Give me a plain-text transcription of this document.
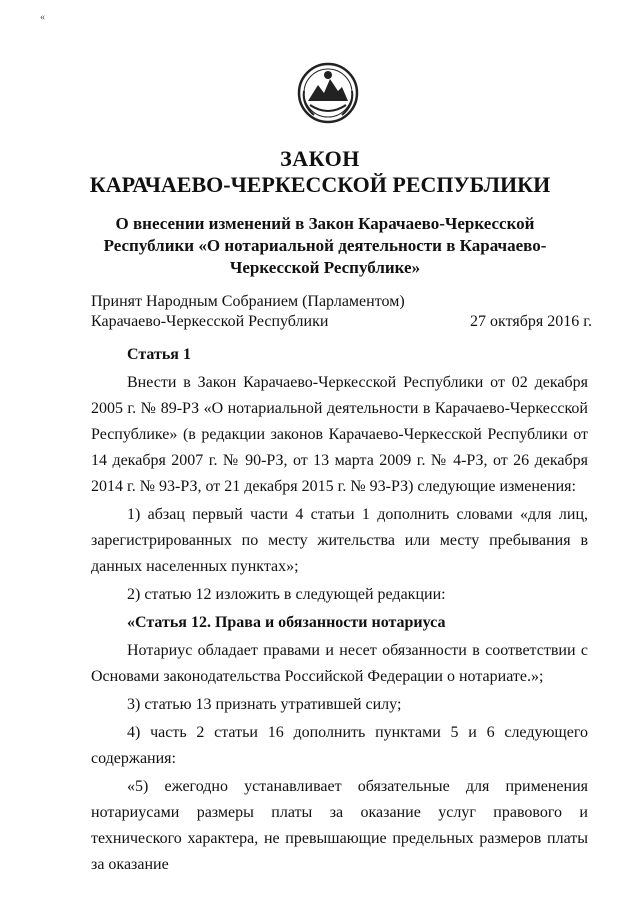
«
ЗАКОН
КАРАЧАЕВО-ЧЕРКЕССКОЙ РЕСПУБЛИКИ
О внесении изменений в Закон Карачаево-Черкесской Республики «О нотариальной деятельности в Карачаево-Черкесской Республике»
Принят Народным Собранием (Парламентом)
Карачаево-Черкесской Республики	27 октября 2016 г.
Статья 1

Внести в Закон Карачаево-Черкесской Республики от 02 декабря 2005 г. № 89-РЗ «О нотариальной деятельности в Карачаево-Черкесской Республике» (в редакции законов Карачаево-Черкесской Республики от 14 декабря 2007 г. № 90-РЗ, от 13 марта 2009 г. № 4-РЗ, от 26 декабря 2014 г. № 93-РЗ, от 21 декабря 2015 г. № 93-РЗ) следующие изменения:

1) абзац первый части 4 статьи 1 дополнить словами «для лиц, зарегистрированных по месту жительства или месту пребывания в данных населенных пунктах»;

2) статью 12 изложить в следующей редакции:

«Статья 12. Права и обязанности нотариуса

Нотариус обладает правами и несет обязанности в соответствии с Основами законодательства Российской Федерации о нотариате.»;

3) статью 13 признать утратившей силу;

4) часть 2 статьи 16 дополнить пунктами 5 и 6 следующего содержания:

«5) ежегодно устанавливает обязательные для применения нотариусами размеры платы за оказание услуг правового и технического характера, не превышающие предельных размеров платы за оказание
